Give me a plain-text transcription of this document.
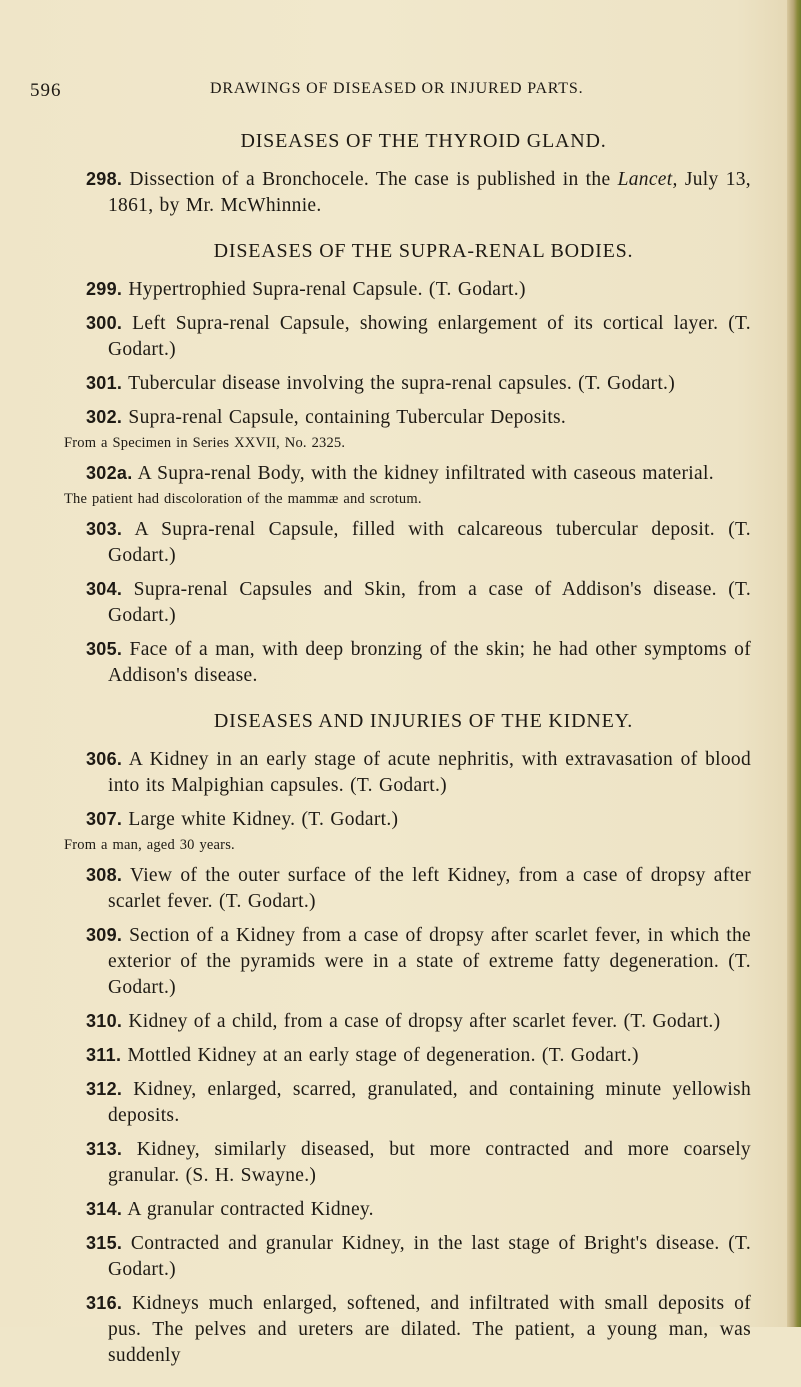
596	DRAWINGS OF DISEASED OR INJURED PARTS.
DISEASES OF THE THYROID GLAND.
298. Dissection of a Bronchocele. The case is published in the Lancet, July 13, 1861, by Mr. McWhinnie.
DISEASES OF THE SUPRA-RENAL BODIES.
299. Hypertrophied Supra-renal Capsule. (T. Godart.)
300. Left Supra-renal Capsule, showing enlargement of its cortical layer. (T. Godart.)
301. Tubercular disease involving the supra-renal capsules. (T. Godart.)
302. Supra-renal Capsule, containing Tubercular Deposits.
From a Specimen in Series XXVII, No. 2325.
302a. A Supra-renal Body, with the kidney infiltrated with caseous material.
The patient had discoloration of the mammæ and scrotum.
303. A Supra-renal Capsule, filled with calcareous tubercular deposit. (T. Godart.)
304. Supra-renal Capsules and Skin, from a case of Addison's disease. (T. Godart.)
305. Face of a man, with deep bronzing of the skin; he had other symptoms of Addison's disease.
DISEASES AND INJURIES OF THE KIDNEY.
306. A Kidney in an early stage of acute nephritis, with extravasation of blood into its Malpighian capsules. (T. Godart.)
307. Large white Kidney. (T. Godart.)
From a man, aged 30 years.
308. View of the outer surface of the left Kidney, from a case of dropsy after scarlet fever. (T. Godart.)
309. Section of a Kidney from a case of dropsy after scarlet fever, in which the exterior of the pyramids were in a state of extreme fatty degeneration. (T. Godart.)
310. Kidney of a child, from a case of dropsy after scarlet fever. (T. Godart.)
311. Mottled Kidney at an early stage of degeneration. (T. Godart.)
312. Kidney, enlarged, scarred, granulated, and containing minute yellowish deposits.
313. Kidney, similarly diseased, but more contracted and more coarsely granular. (S. H. Swayne.)
314. A granular contracted Kidney.
315. Contracted and granular Kidney, in the last stage of Bright's disease. (T. Godart.)
316. Kidneys much enlarged, softened, and infiltrated with small deposits of pus. The pelves and ureters are dilated. The patient, a young man, was suddenly
